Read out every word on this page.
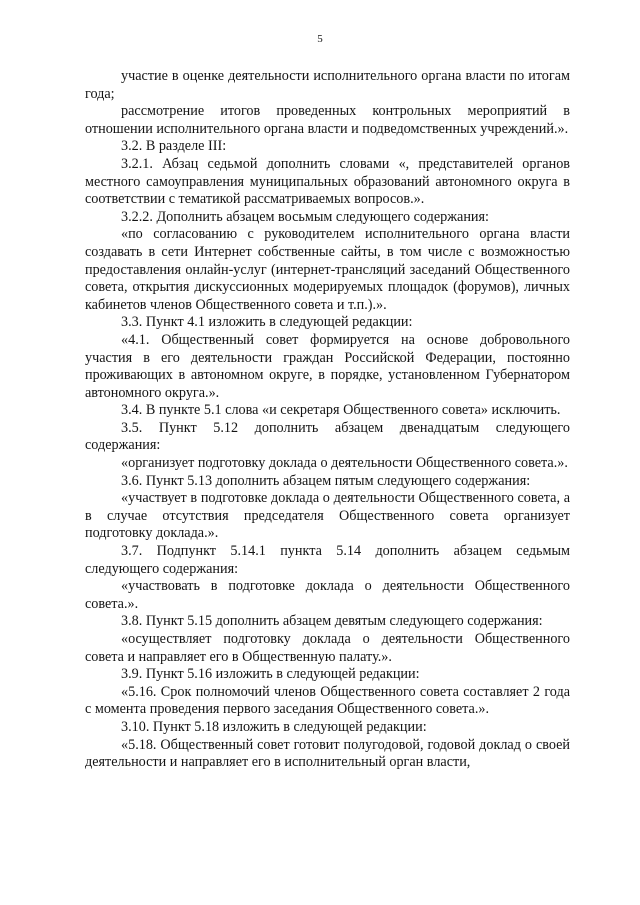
5

участие в оценке деятельности исполнительного органа власти по итогам года;

рассмотрение итогов проведенных контрольных мероприятий в отношении исполнительного органа власти и подведомственных учреждений.».

3.2. В разделе III:

3.2.1. Абзац седьмой дополнить словами «, представителей органов местного самоуправления муниципальных образований автономного округа в соответствии с тематикой рассматриваемых вопросов.».

3.2.2. Дополнить абзацем восьмым следующего содержания:

«по согласованию с руководителем исполнительного органа власти создавать в сети Интернет собственные сайты, в том числе с возможностью предоставления онлайн-услуг (интернет-трансляций заседаний Общественного совета, открытия дискуссионных модерируемых площадок (форумов), личных кабинетов членов Общественного совета и т.п.).».

3.3. Пункт 4.1 изложить в следующей редакции:

«4.1. Общественный совет формируется на основе добровольного участия в его деятельности граждан Российской Федерации, постоянно проживающих в автономном округе, в порядке, установленном Губернатором автономного округа.».

3.4. В пункте 5.1 слова «и секретаря Общественного совета» исключить.

3.5. Пункт 5.12 дополнить абзацем двенадцатым следующего содержания:

«организует подготовку доклада о деятельности Общественного совета.».

3.6. Пункт 5.13 дополнить абзацем пятым следующего содержания:

«участвует в подготовке доклада о деятельности Общественного совета, а в случае отсутствия председателя Общественного совета организует подготовку доклада.».

3.7. Подпункт 5.14.1 пункта 5.14 дополнить абзацем седьмым следующего содержания:

«участвовать в подготовке доклада о деятельности Общественного совета.».

3.8. Пункт 5.15 дополнить абзацем девятым следующего содержания:

«осуществляет подготовку доклада о деятельности Общественного совета и направляет его в Общественную палату.».

3.9. Пункт 5.16 изложить в следующей редакции:

«5.16. Срок полномочий членов Общественного совета составляет 2 года с момента проведения первого заседания Общественного совета.».

3.10. Пункт 5.18 изложить в следующей редакции:

«5.18. Общественный совет готовит полугодовой, годовой доклад о своей деятельности и направляет его в исполнительный орган власти,
